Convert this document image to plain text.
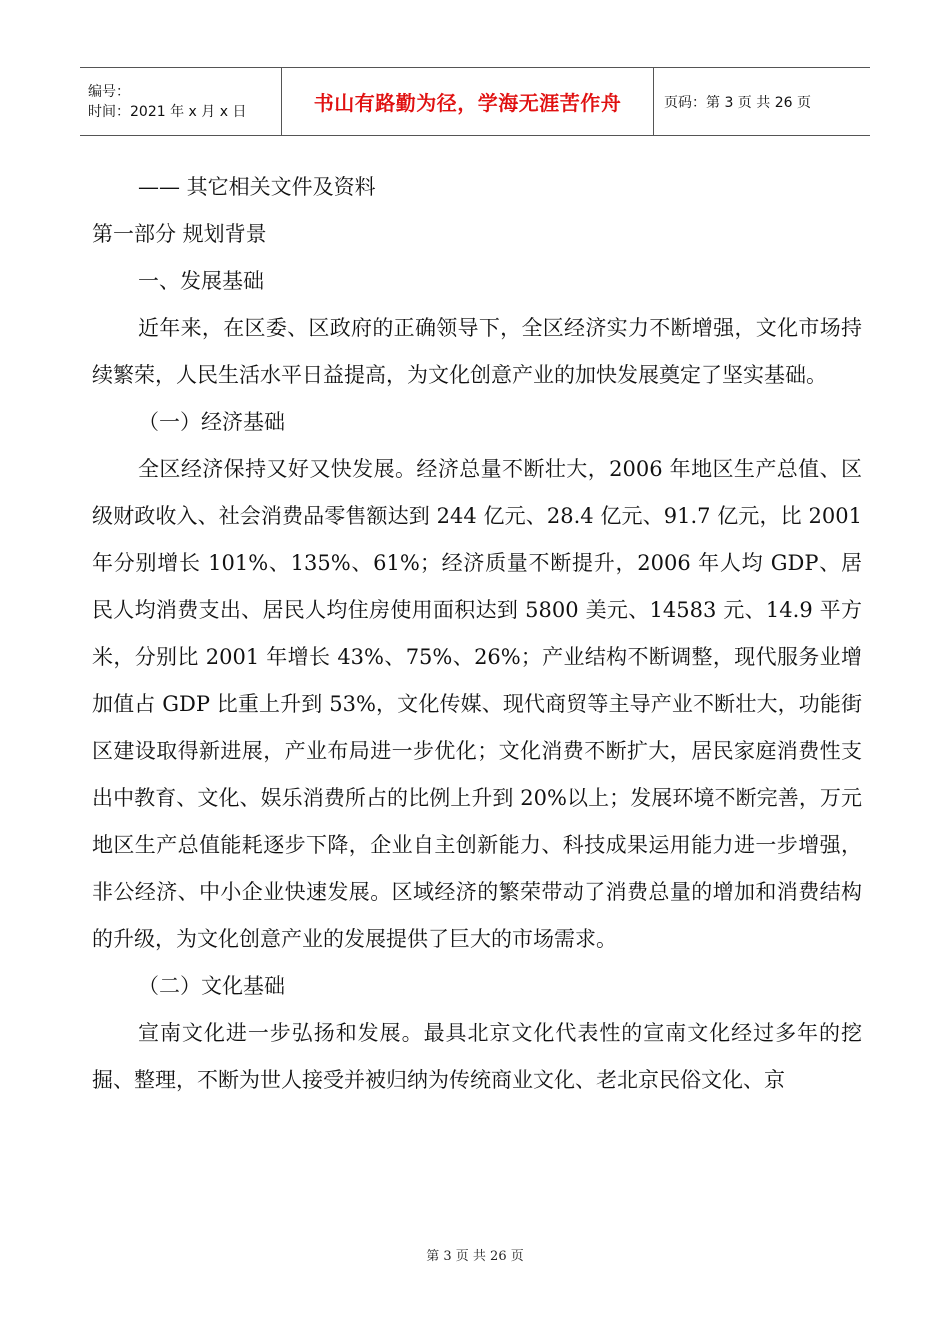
编号：
时间：2021 年 x 月 x 日	书山有路勤为径，学海无涯苦作舟	页码：第 3 页 共 26 页

—— 其它相关文件及资料

第一部分 规划背景

一、发展基础

近年来，在区委、区政府的正确领导下，全区经济实力不断增强，文化市场持续繁荣，人民生活水平日益提高，为文化创意产业的加快发展奠定了坚实基础。

（一）经济基础

全区经济保持又好又快发展。经济总量不断壮大，2006 年地区生产总值、区级财政收入、社会消费品零售额达到 244 亿元、28.4 亿元、91.7 亿元，比 2001 年分别增长 101%、135%、61%；经济质量不断提升，2006 年人均 GDP、居民人均消费支出、居民人均住房使用面积达到 5800 美元、14583 元、14.9 平方米，分别比 2001 年增长 43%、75%、26%；产业结构不断调整，现代服务业增加值占 GDP 比重上升到 53%，文化传媒、现代商贸等主导产业不断壮大，功能街区建设取得新进展，产业布局进一步优化；文化消费不断扩大，居民家庭消费性支出中教育、文化、娱乐消费所占的比例上升到 20%以上；发展环境不断完善，万元地区生产总值能耗逐步下降，企业自主创新能力、科技成果运用能力进一步增强，非公经济、中小企业快速发展。区域经济的繁荣带动了消费总量的增加和消费结构的升级，为文化创意产业的发展提供了巨大的市场需求。

（二）文化基础

宣南文化进一步弘扬和发展。最具北京文化代表性的宣南文化经过多年的挖掘、整理，不断为世人接受并被归纳为传统商业文化、老北京民俗文化、京

第 3 页 共 26 页
